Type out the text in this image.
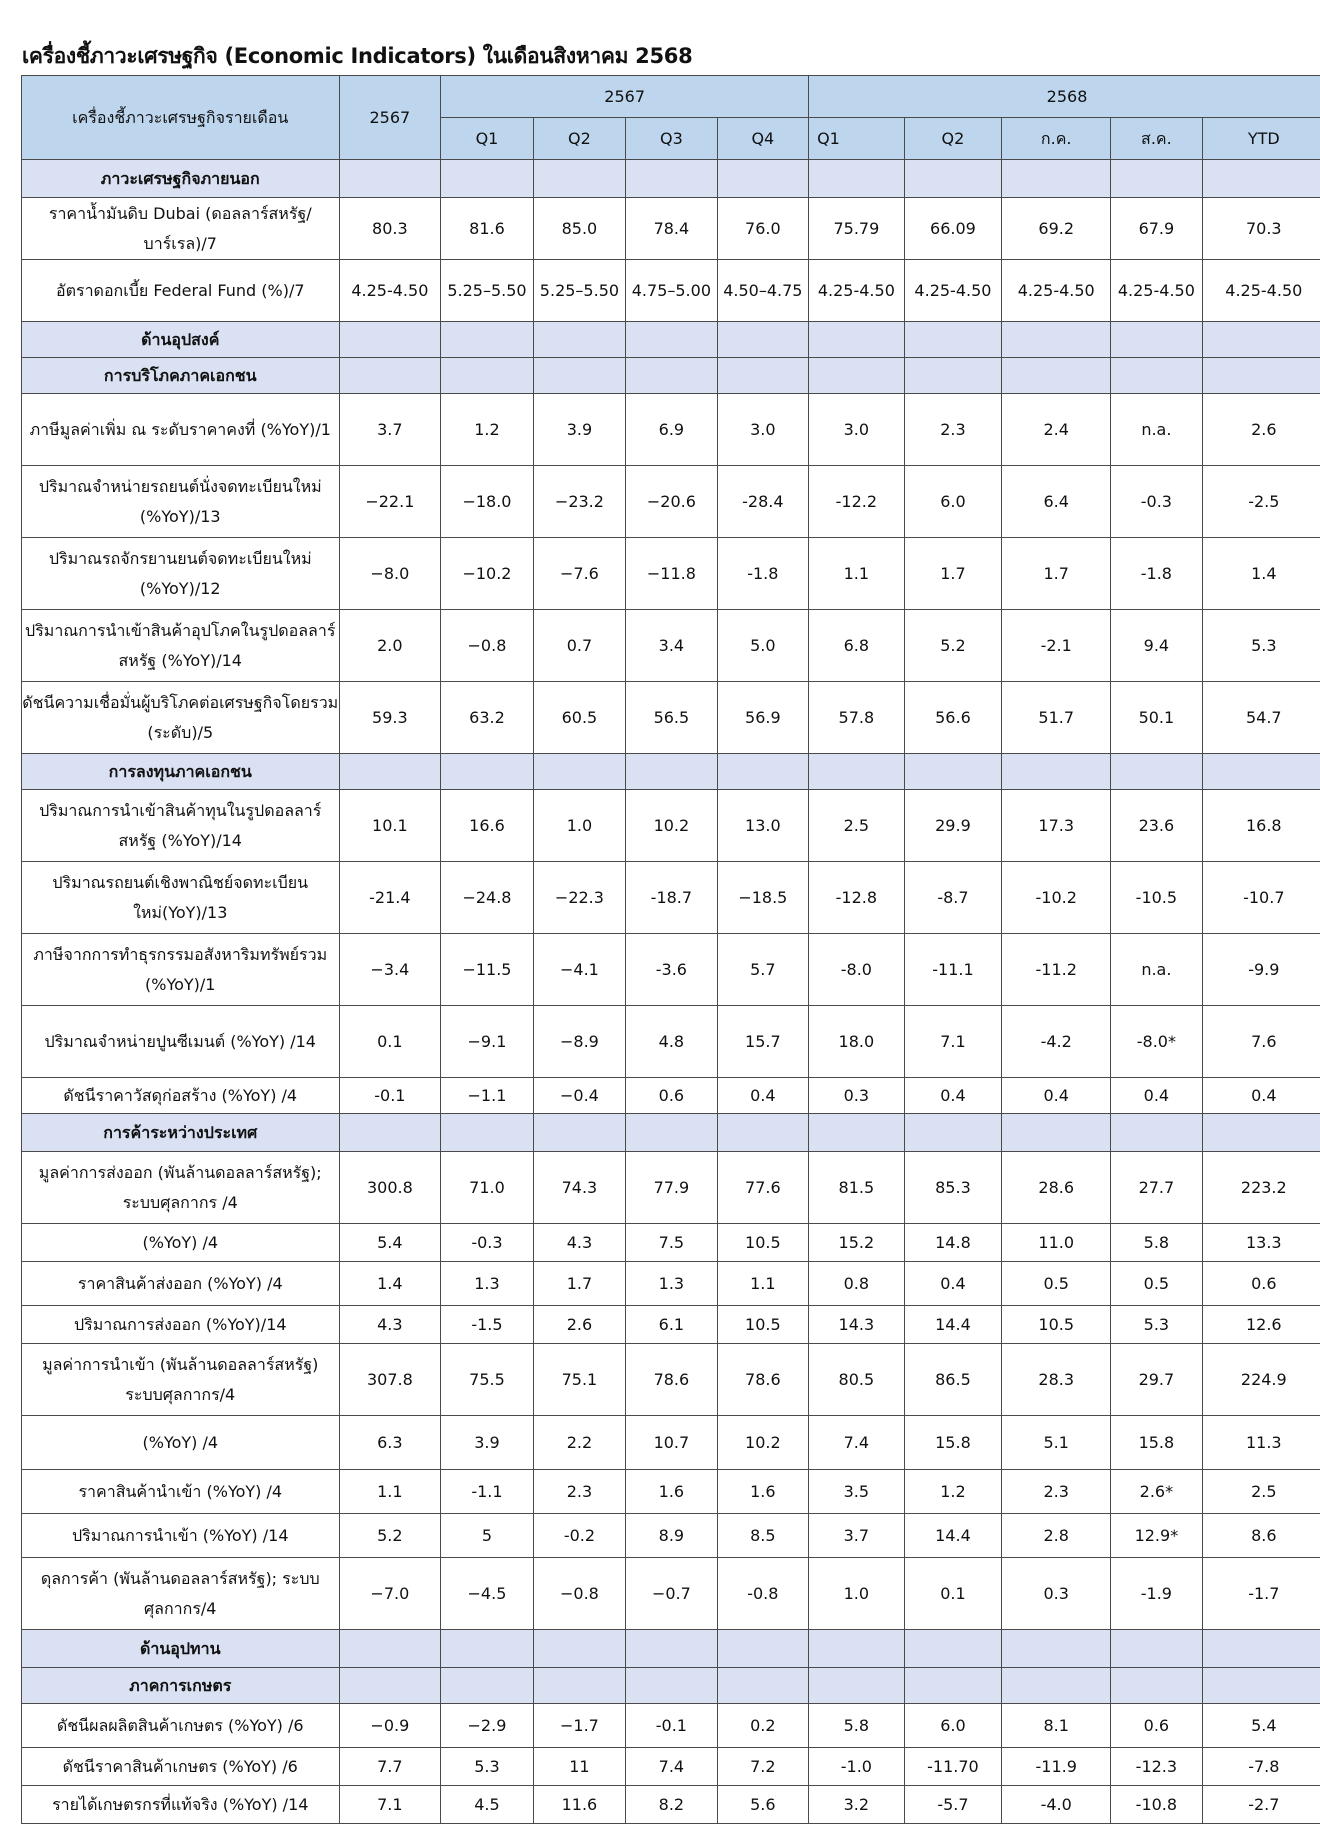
เครื่องชี้ภาวะเศรษฐกิจ (Economic Indicators) ในเดือนสิงหาคม 2568
เครื่องชี้ภาวะเศรษฐกิจรายเดือน	2567	2567				2568				
		Q1	Q2	Q3	Q4	Q1	Q2	ก.ค.	ส.ค.	YTD
ภาวะเศรษฐกิจภายนอก										
ราคาน้ำมันดิบ Dubai (ดอลลาร์สหรัฐ/บาร์เรล)/7	80.3	81.6	85.0	78.4	76.0	75.79	66.09	69.2	67.9	70.3
อัตราดอกเบี้ย Federal Fund (%)/7	4.25-4.50	5.25–5.50	5.25–5.50	4.75–5.00	4.50–4.75	4.25-4.50	4.25-4.50	4.25-4.50	4.25-4.50	4.25-4.50
ด้านอุปสงค์										
การบริโภคภาคเอกชน										
ภาษีมูลค่าเพิ่ม ณ ระดับราคาคงที่ (%YoY)/1	3.7	1.2	3.9	6.9	3.0	3.0	2.3	2.4	n.a.	2.6
ปริมาณจำหน่ายรถยนต์นั่งจดทะเบียนใหม่ (%YoY)/13	−22.1	−18.0	−23.2	−20.6	-28.4	-12.2	6.0	6.4	-0.3	-2.5
ปริมาณรถจักรยานยนต์จดทะเบียนใหม่ (%YoY)/12	−8.0	−10.2	−7.6	−11.8	-1.8	1.1	1.7	1.7	-1.8	1.4
ปริมาณการนำเข้าสินค้าอุปโภคในรูปดอลลาร์สหรัฐ (%YoY)/14	2.0	−0.8	0.7	3.4	5.0	6.8	5.2	-2.1	9.4	5.3
ดัชนีความเชื่อมั่นผู้บริโภคต่อเศรษฐกิจโดยรวม (ระดับ)/5	59.3	63.2	60.5	56.5	56.9	57.8	56.6	51.7	50.1	54.7
การลงทุนภาคเอกชน										
ปริมาณการนำเข้าสินค้าทุนในรูปดอลลาร์สหรัฐ (%YoY)/14	10.1	16.6	1.0	10.2	13.0	2.5	29.9	17.3	23.6	16.8
ปริมาณรถยนต์เชิงพาณิชย์จดทะเบียนใหม่(YoY)/13	-21.4	−24.8	−22.3	-18.7	−18.5	-12.8	-8.7	-10.2	-10.5	-10.7
ภาษีจากการทำธุรกรรมอสังหาริมทรัพย์รวม (%YoY)/1	−3.4	−11.5	−4.1	-3.6	5.7	-8.0	-11.1	-11.2	n.a.	-9.9
ปริมาณจำหน่ายปูนซีเมนต์ (%YoY) /14	0.1	−9.1	−8.9	4.8	15.7	18.0	7.1	-4.2	-8.0*	7.6
ดัชนีราคาวัสดุก่อสร้าง (%YoY) /4	-0.1	−1.1	−0.4	0.6	0.4	0.3	0.4	0.4	0.4	0.4
การค้าระหว่างประเทศ										
มูลค่าการส่งออก (พันล้านดอลลาร์สหรัฐ); ระบบศุลกากร /4	300.8	71.0	74.3	77.9	77.6	81.5	85.3	28.6	27.7	223.2
(%YoY) /4	5.4	-0.3	4.3	7.5	10.5	15.2	14.8	11.0	5.8	13.3
ราคาสินค้าส่งออก (%YoY) /4	1.4	1.3	1.7	1.3	1.1	0.8	0.4	0.5	0.5	0.6
ปริมาณการส่งออก (%YoY)/14	4.3	-1.5	2.6	6.1	10.5	14.3	14.4	10.5	5.3	12.6
มูลค่าการนำเข้า (พันล้านดอลลาร์สหรัฐ) ระบบศุลกากร/4	307.8	75.5	75.1	78.6	78.6	80.5	86.5	28.3	29.7	224.9
(%YoY) /4	6.3	3.9	2.2	10.7	10.2	7.4	15.8	5.1	15.8	11.3
ราคาสินค้านำเข้า (%YoY) /4	1.1	-1.1	2.3	1.6	1.6	3.5	1.2	2.3	2.6*	2.5
ปริมาณการนำเข้า (%YoY) /14	5.2	5	-0.2	8.9	8.5	3.7	14.4	2.8	12.9*	8.6
ดุลการค้า (พันล้านดอลลาร์สหรัฐ); ระบบศุลกากร/4	−7.0	−4.5	−0.8	−0.7	-0.8	1.0	0.1	0.3	-1.9	-1.7
ด้านอุปทาน										
ภาคการเกษตร										
ดัชนีผลผลิตสินค้าเกษตร (%YoY) /6	−0.9	−2.9	−1.7	-0.1	0.2	5.8	6.0	8.1	0.6	5.4
ดัชนีราคาสินค้าเกษตร (%YoY) /6	7.7	5.3	11	7.4	7.2	-1.0	-11.70	-11.9	-12.3	-7.8
รายได้เกษตรกรที่แท้จริง (%YoY) /14	7.1	4.5	11.6	8.2	5.6	3.2	-5.7	-4.0	-10.8	-2.7
